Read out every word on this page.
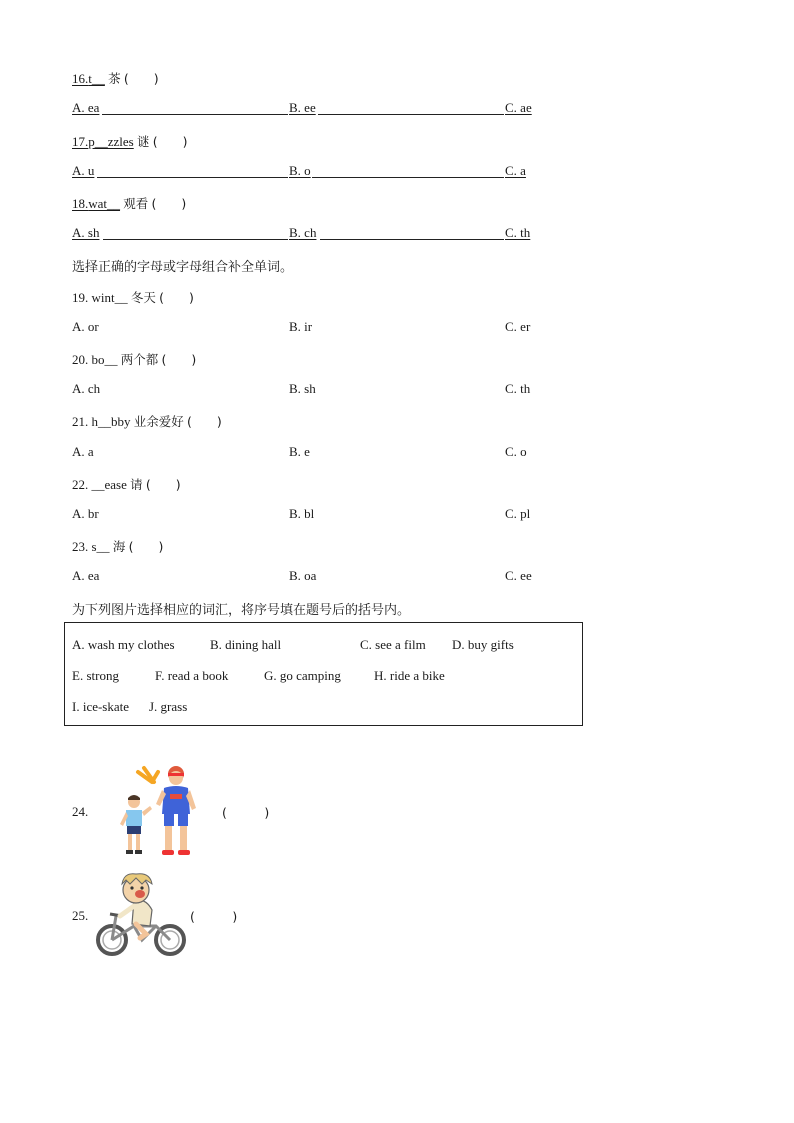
16.t__ 茶 (　　)
A. ea	B. ee	C. ae
17.p__zzles 谜 (　　)
A. u	B. o	C. a
18.wat__ 观看 (　　)
A. sh	B. ch	C. th
选择正确的字母或字母组合补全单词。
19. wint__ 冬天 (　　)
A. or	B. ir	C. er
20. bo__ 两个都 (　　)
A. ch	B. sh	C. th
21. h__bby 业余爱好 (　　)
A. a	B. e	C. o
22. __ease 请 (　　)
A. br	B. bl	C. pl
23. s__ 海 (　　)
A. ea	B. oa	C. ee
为下列图片选择相应的词汇，将序号填在题号后的括号内。
A. wash my clothes	B. dining hall	C. see a film D. buy gifts
E. strong	F. read a book	G. go camping	H. ride a bike
I. ice-skate J. grass
24.	(　　　)
25.	(　　　)
